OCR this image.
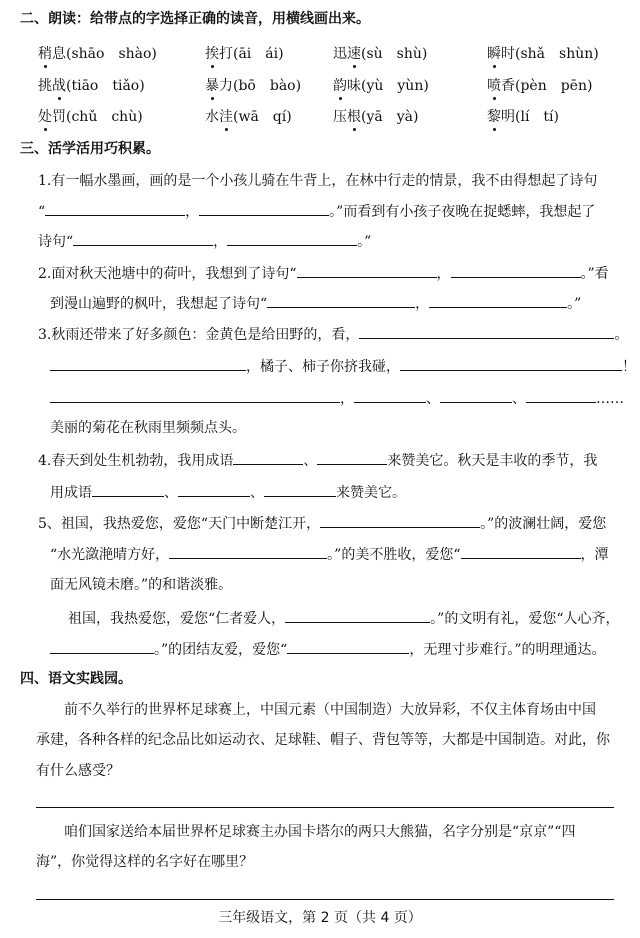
二、朗读：给带点的字选择正确的读音，用横线画出来。
稍息(shāo　shào)	挨打(āi　ái)	迅速(sù　shù)	瞬时(shǎ　shùn)
挑战(tiāo　tiǎo)	暴力(bō　bào) 韵味(yù　yùn)	喷香(pèn　pēn)
处罚(chǔ　chù)	水洼(wā　qí)	压根(yā　yà)	黎明(lí　tí)
三、活学活用巧积累。
1.有一幅水墨画，画的是一个小孩儿骑在牛背上，在林中行走的情景，我不由得想起了诗句
“	，	。”而看到有小孩子夜晚在捉蟋蟀，我想起了
诗句“	，	。”
2.面对秋天池塘中的荷叶，我想到了诗句“	，	。”看
到漫山遍野的枫叶，我想起了诗句“	，	。”
3.秋雨还带来了好多颜色：金黄色是给田野的，看，	。
，橘子、柿子你挤我碰，	！
，	、	、	……
美丽的菊花在秋雨里频频点头。
4.春天到处生机勃勃，我用成语	、	来赞美它。秋天是丰收的季节，我
用成语	、	、	来赞美它。
5、祖国，我热爱您，爱您“天门中断楚江开，	。”的波澜壮阔，爱您
“水光潋滟晴方好，	。”的美不胜收，爱您“	，潭
面无风镜未磨。”的和谐淡雅。
祖国，我热爱您，爱您“仁者爱人，	。”的文明有礼，爱您“人心齐，
。”的团结友爱，爱您“	，无理寸步难行。”的明理通达。
四、语文实践园。
前不久举行的世界杯足球赛上，中国元素（中国制造）大放异彩，不仅主体育场由中国
承建，各种各样的纪念品比如运动衣、足球鞋、帽子、背包等等，大都是中国制造。对此，你
有什么感受？
咱们国家送给本届世界杯足球赛主办国卡塔尔的两只大熊猫，名字分别是“京京”“四
海”，你觉得这样的名字好在哪里？
三年级语文，第 2 页（共 4 页）
